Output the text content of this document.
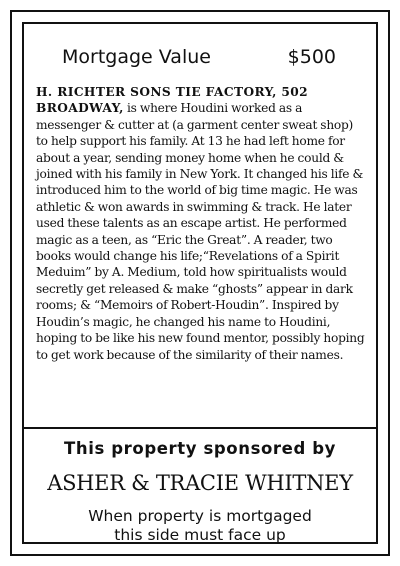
Mortgage Value	$500
H. RICHTER SONS TIE FACTORY, 502 BROADWAY, is where Houdini worked as a messenger & cutter at (a garment center sweat shop) to help support his family. At 13 he had left home for about a year, sending money home when he could & joined with his family in New York. It changed his life & introduced him to the world of big time magic. He was athletic & won awards in swimming & track. He later used these talents as an escape artist. He performed magic as a teen, as “Eric the Great”. A reader, two books would change his life;“Revelations of a Spirit Meduim” by A. Medium, told how spiritualists would secretly get released & make “ghosts” appear in dark rooms; & “Memoirs of Robert-Houdin”. Inspired by Houdin’s magic, he changed his name to Houdini, hoping to be like his new found mentor, possibly hoping to get work because of the similarity of their names.
This property sponsored by
ASHER & TRACIE WHITNEY
When property is mortgaged
this side must face up
